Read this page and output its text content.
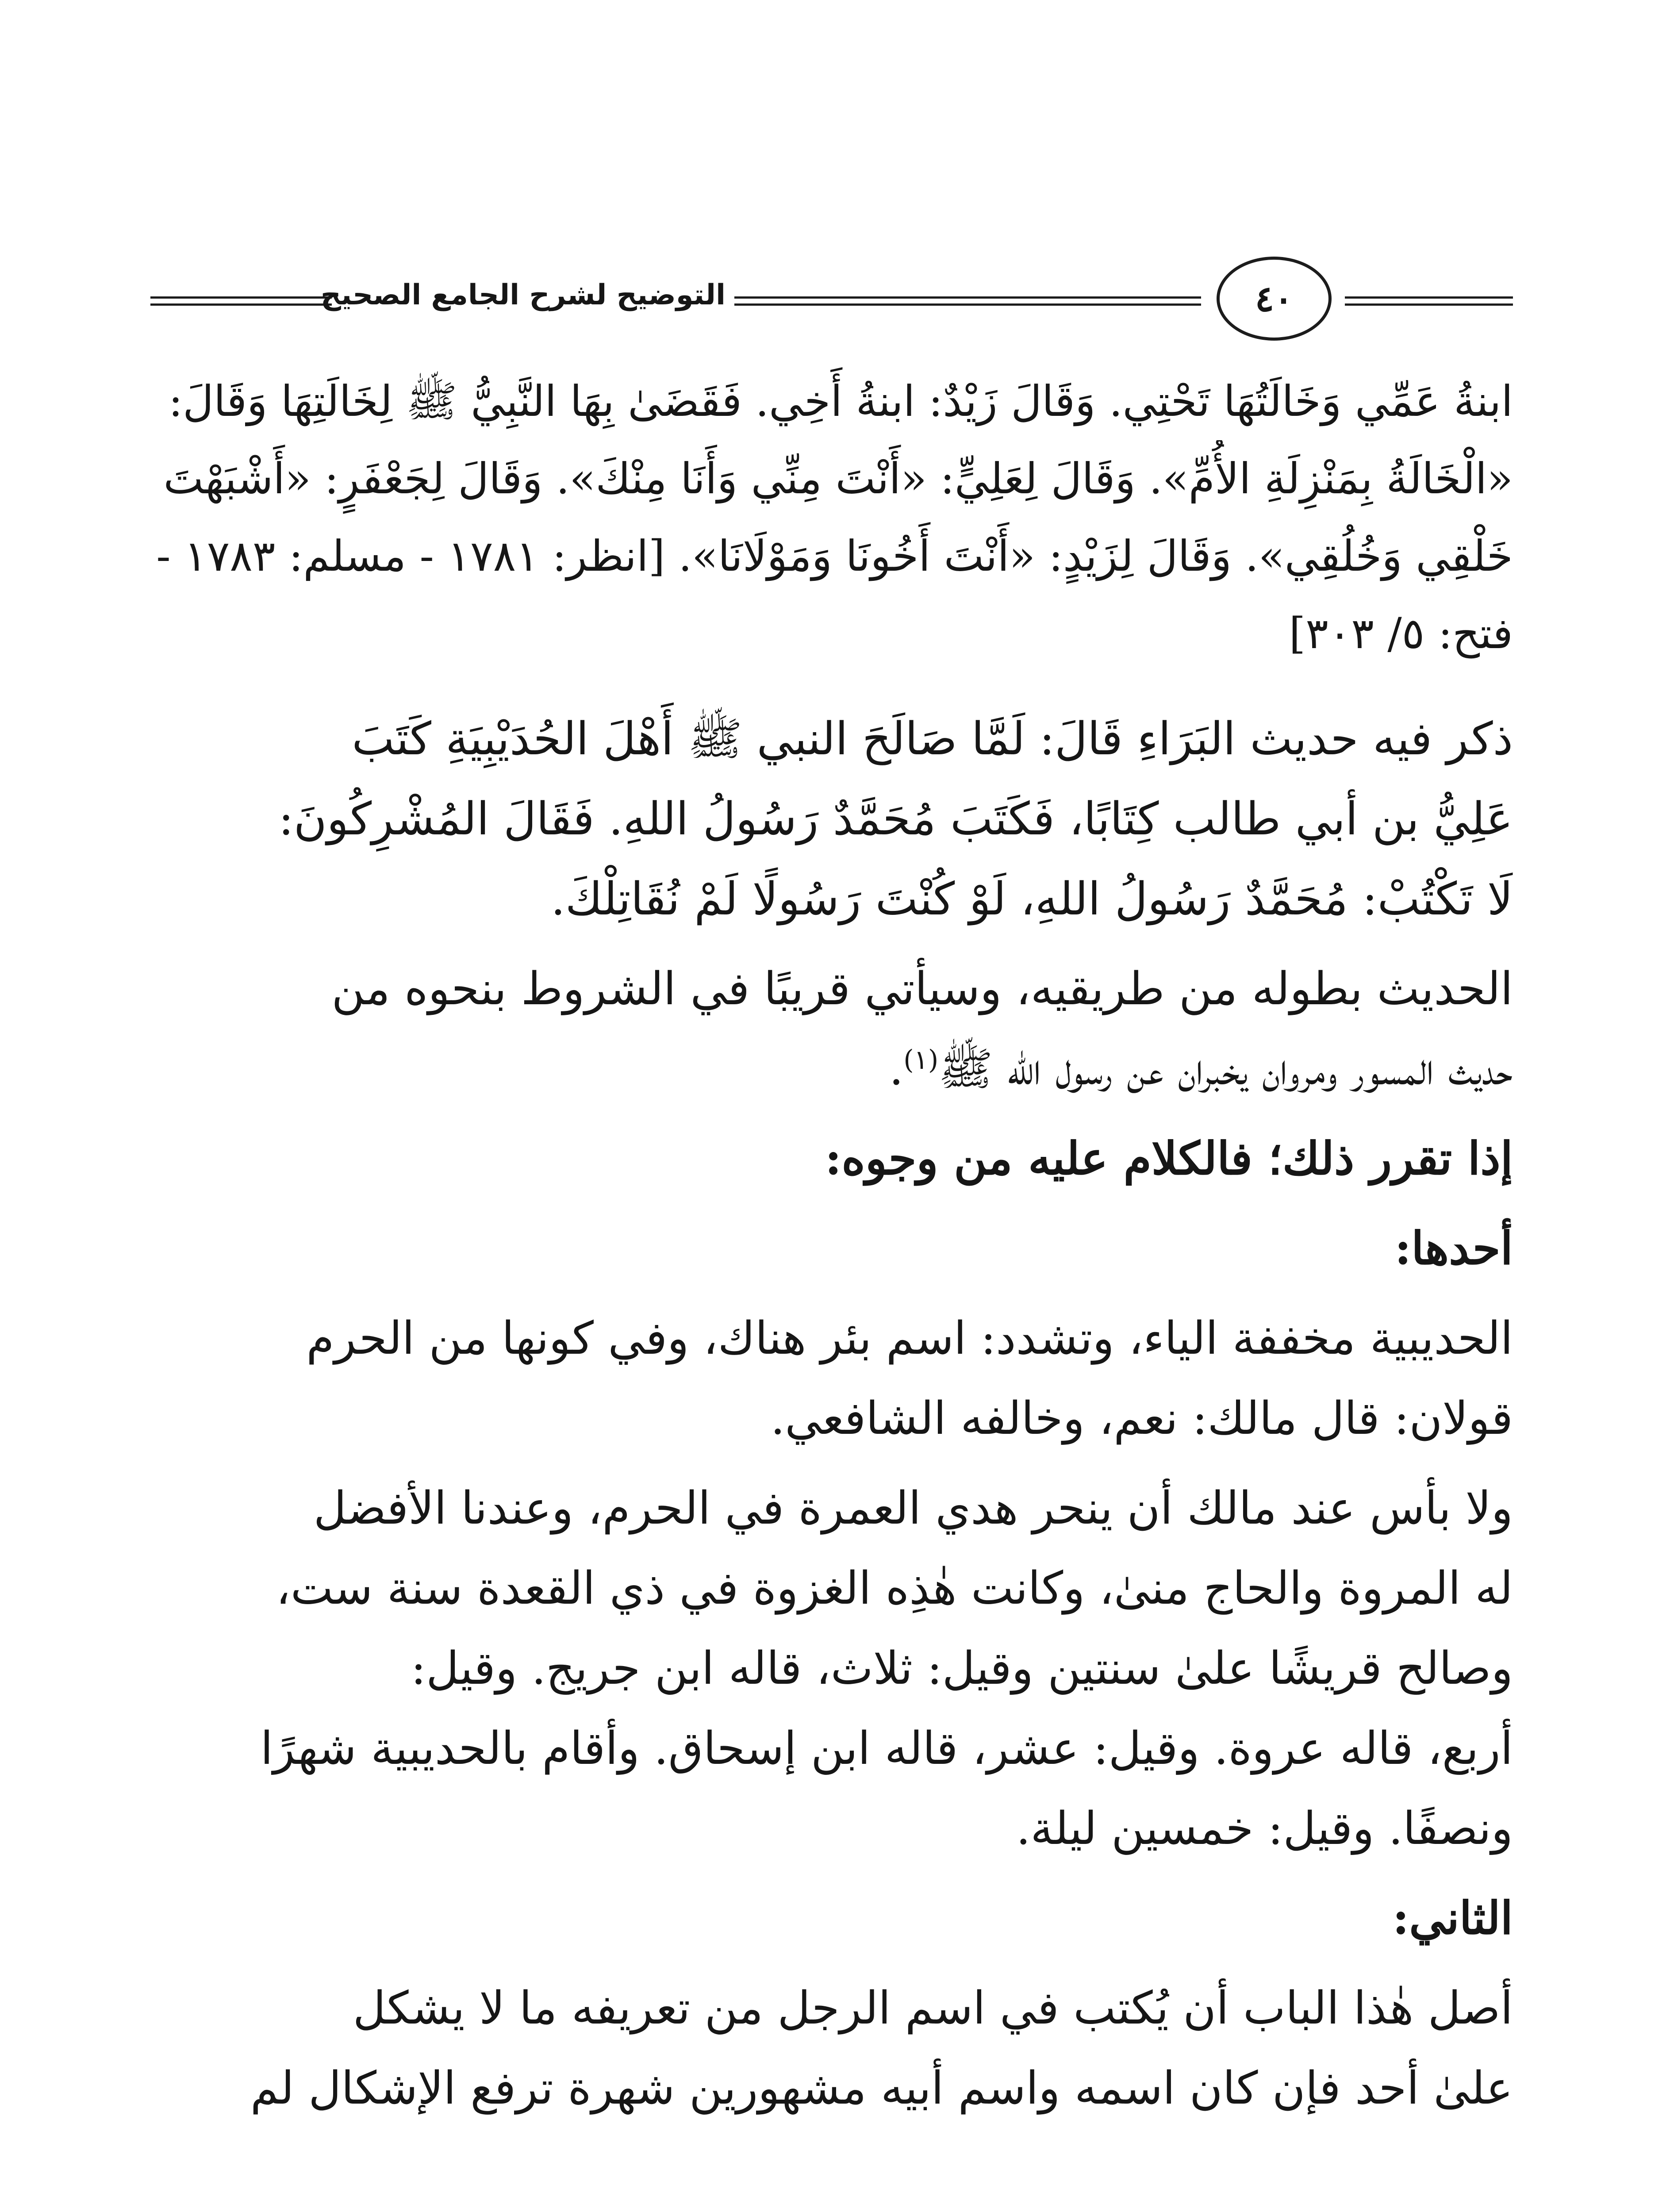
التوضيح لشرح الجامع الصحيح	٤٠

ابنةُ عَمِّي وَخَالَتُهَا تَحْتِي. وَقَالَ زَيْدٌ: ابنةُ أَخِي. فَقَضَىٰ بِهَا النَّبِيُّ ﷺ لِخَالَتِهَا وَقَالَ:

«الْخَالَةُ بِمَنْزِلَةِ الأُمِّ». وَقَالَ لِعَلِيٍّ: «أَنْتَ مِنِّي وَأَنَا مِنْكَ». وَقَالَ لِجَعْفَرٍ: «أَشْبَهْتَ

خَلْقِي وَخُلُقِي». وَقَالَ لِزَيْدٍ: «أَنْتَ أَخُونَا وَمَوْلَانَا». [انظر: ١٧٨١ - مسلم: ١٧٨٣ -

فتح: ٥/ ٣٠٣]

ذكر فيه حديث البَرَاءِ قَالَ: لَمَّا صَالَحَ النبي ﷺ أَهْلَ الحُدَيْبِيَةِ كَتَبَ

عَلِيُّ بن أبي طالب كِتَابًا، فَكَتَبَ مُحَمَّدٌ رَسُولُ اللهِ. فَقَالَ المُشْرِكُونَ:

لَا تَكْتُبْ: مُحَمَّدٌ رَسُولُ اللهِ، لَوْ كُنْتَ رَسُولًا لَمْ نُقَاتِلْكَ.

الحديث بطوله من طريقيه، وسيأتي قريبًا في الشروط بنحوه من

حديث المسور ومروان يخبران عن رسول الله ﷺ$^{(١)}$.

إذا تقرر ذلك؛ فالكلام عليه من وجوه:

أحدها:

الحديبية مخففة الياء، وتشدد: اسم بئر هناك، وفي كونها من الحرم

قولان: قال مالك: نعم، وخالفه الشافعي.

ولا بأس عند مالك أن ينحر هدي العمرة في الحرم، وعندنا الأفضل

له المروة والحاج منىٰ، وكانت هٰذِه الغزوة في ذي القعدة سنة ست،

وصالح قريشًا علىٰ سنتين وقيل: ثلاث، قاله ابن جريج. وقيل:

أربع، قاله عروة. وقيل: عشر، قاله ابن إسحاق. وأقام بالحديبية شهرًا

ونصفًا. وقيل: خمسين ليلة.

الثاني:

أصل هٰذا الباب أن يُكتب في اسم الرجل من تعريفه ما لا يشكل

علىٰ أحد فإن كان اسمه واسم أبيه مشهورين شهرة ترفع الإشكال لم
